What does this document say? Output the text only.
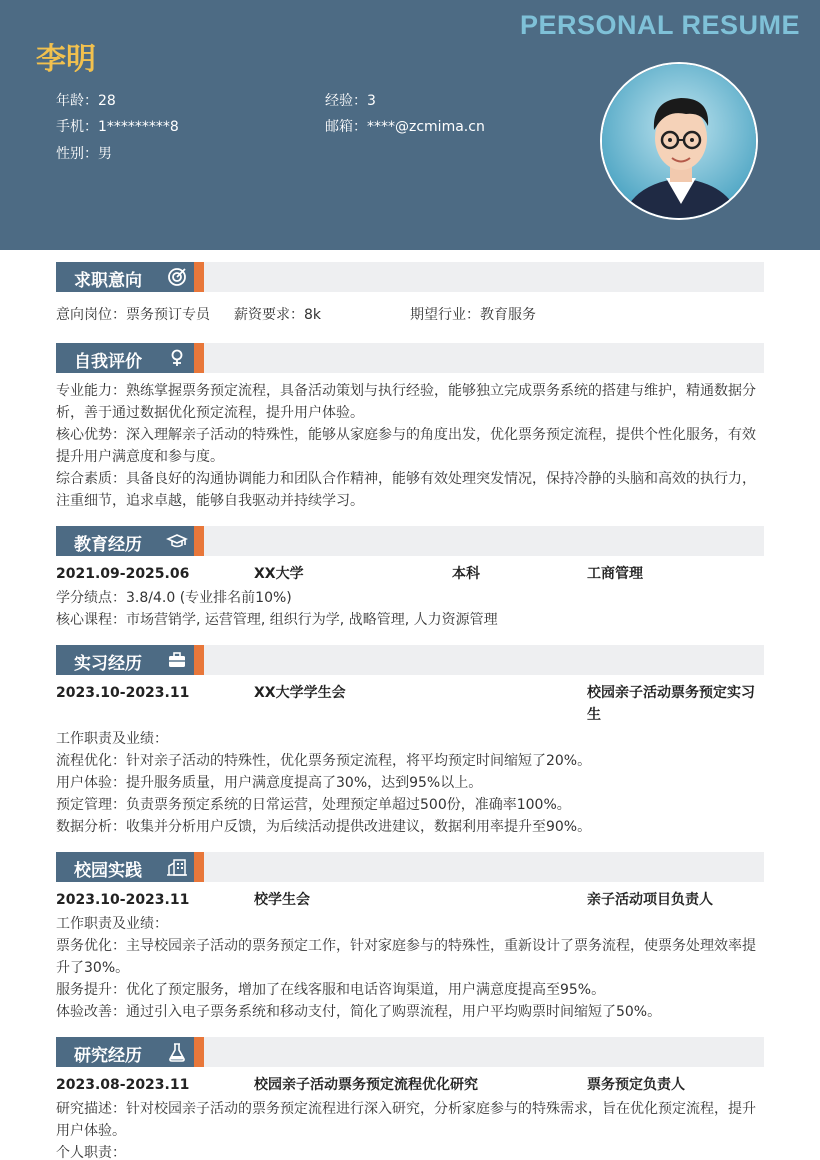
PERSONAL RESUME
李明
年龄 ： 28	经验 ： 3
手机 ： 1*********8	邮箱 ： ****@zcmima.cn
性别 ： 男
求职意向
意向岗位：票务预订专员 薪资要求：8k	期望行业：教育服务
自我评价
专业能力：熟练掌握票务预定流程，具备活动策划与执行经验，能够独立完成票务系统的搭建与维护，精通数据分析，善于通过数据优化预定流程，提升用户体验。
核心优势：深入理解亲子活动的特殊性，能够从家庭参与的角度出发，优化票务预定流程，提供个性化服务，有效提升用户满意度和参与度。
综合素质：具备良好的沟通协调能力和团队合作精神，能够有效处理突发情况，保持冷静的头脑和高效的执行力，注重细节，追求卓越，能够自我驱动并持续学习。
教育经历
2021.09-2025.06	XX大学	本科	工商管理
学分绩点：3.8/4.0 (专业排名前10%)
核心课程：市场营销学, 运营管理, 组织行为学, 战略管理, 人力资源管理
实习经历
2023.10-2023.11	XX大学学生会	校园亲子活动票务预定实习生
工作职责及业绩：
流程优化：针对亲子活动的特殊性，优化票务预定流程，将平均预定时间缩短了20%。
用户体验：提升服务质量，用户满意度提高了30%，达到95%以上。
预定管理：负责票务预定系统的日常运营，处理预定单超过500份，准确率100%。
数据分析：收集并分析用户反馈，为后续活动提供改进建议，数据利用率提升至90%。
校园实践
2023.10-2023.11	校学生会	亲子活动项目负责人
工作职责及业绩：
票务优化：主导校园亲子活动的票务预定工作，针对家庭参与的特殊性，重新设计了票务流程，使票务处理效率提升了30%。
服务提升：优化了预定服务，增加了在线客服和电话咨询渠道，用户满意度提高至95%。
体验改善：通过引入电子票务系统和移动支付，简化了购票流程，用户平均购票时间缩短了50%。
研究经历
2023.08-2023.11	校园亲子活动票务预定流程优化研究	票务预定负责人
研究描述：针对校园亲子活动的票务预定流程进行深入研究，分析家庭参与的特殊需求，旨在优化预定流程，提升用户体验。
个人职责：
